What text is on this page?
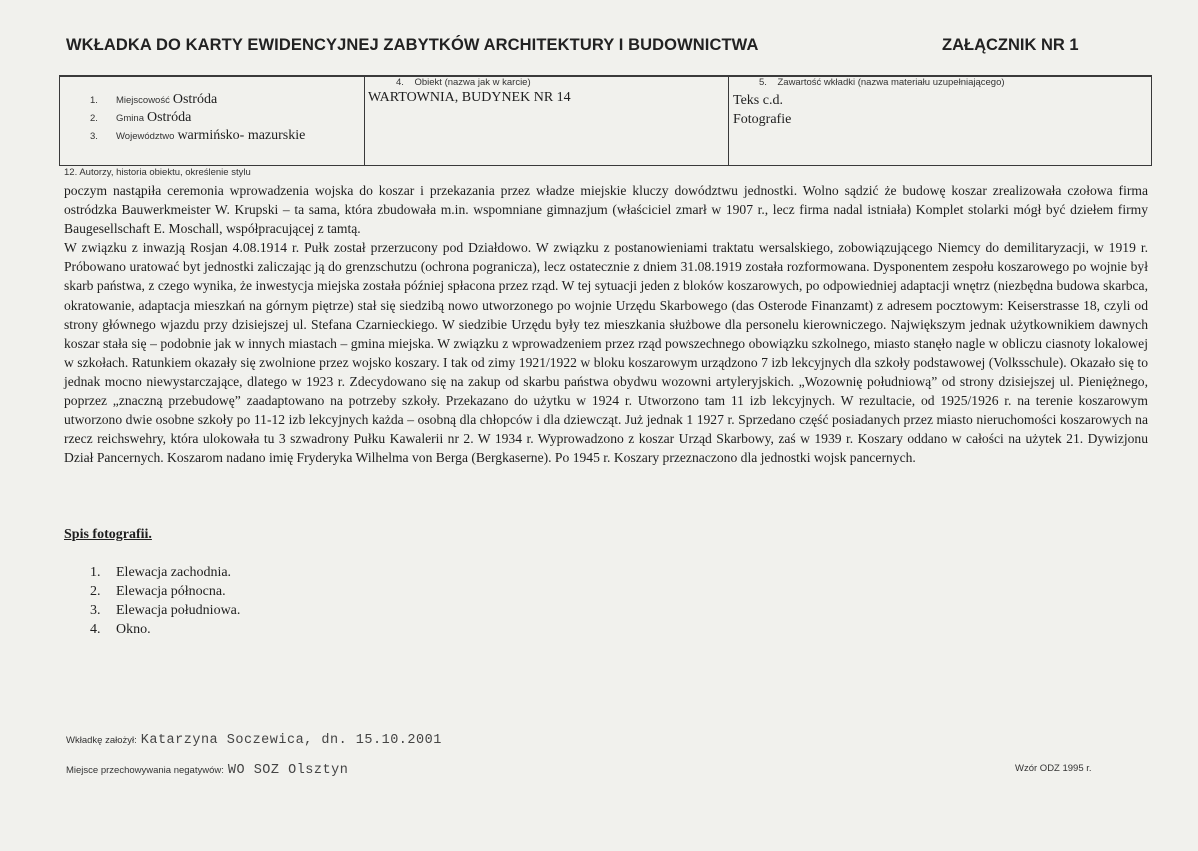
WKŁADKA DO KARTY EWIDENCYJNEJ ZABYTKÓW ARCHITEKTURY I BUDOWNICTWA	ZAŁĄCZNIK NR 1
1. Miejscowość Ostróda
2. Gmina Ostróda
3. Województwo warmińsko- mazurskie
4.    Obiekt (nazwa jak w karcie)
WARTOWNIA, BUDYNEK NR 14
5.    Zawartość wkładki (nazwa materiału uzupełniającego)
Teks c.d.
Fotografie
12. Autorzy, historia obiektu, określenie stylu

poczym nastąpiła ceremonia wprowadzenia wojska do koszar i przekazania przez władze miejskie kluczy dowództwu jednostki. Wolno sądzić że budowę koszar zrealizowała czołowa firma ostródzka Bauwerkmeister W. Krupski – ta sama, która zbudowała m.in. wspomniane gimnazjum (właściciel zmarł w 1907 r., lecz firma nadal istniała) Komplet stolarki mógł być dziełem firmy Baugesellschaft E. Moschall, współpracującej z tamtą.

W związku z inwazją Rosjan 4.08.1914 r. Pułk został przerzucony pod Działdowo. W związku z postanowieniami traktatu wersalskiego, zobowiązującego Niemcy do demilitaryzacji, w 1919 r. Próbowano uratować byt jednostki zaliczając ją do grenzschutzu (ochrona pogranicza), lecz ostatecznie z dniem 31.08.1919 została rozformowana. Dysponentem zespołu koszarowego po wojnie był skarb państwa, z czego wynika, że inwestycja miejska została później spłacona przez rząd. W tej sytuacji jeden z bloków koszarowych, po odpowiedniej adaptacji wnętrz (niezbędna budowa skarbca, okratowanie, adaptacja mieszkań na górnym piętrze) stał się siedzibą nowo utworzonego po wojnie Urzędu Skarbowego (das Osterode Finanzamt) z adresem pocztowym: Keiserstrasse 18, czyli od strony głównego wjazdu przy dzisiejszej ul. Stefana Czarnieckiego. W siedzibie Urzędu były tez mieszkania służbowe dla personelu kierowniczego. Największym jednak użytkownikiem dawnych koszar stała się – podobnie jak w innych miastach – gmina miejska. W związku z wprowadzeniem przez rząd powszechnego obowiązku szkolnego, miasto stanęło nagle w obliczu ciasnoty lokalowej w szkołach. Ratunkiem okazały się zwolnione przez wojsko koszary. I tak od zimy 1921/1922 w bloku koszarowym urządzono 7 izb lekcyjnych dla szkoły podstawowej (Volksschule). Okazało się to jednak mocno niewystarczające, dlatego w 1923 r. Zdecydowano się na zakup od skarbu państwa obydwu wozowni artyleryjskich. „Wozownię południową” od strony dzisiejszej ul. Pieniężnego, poprzez „znaczną przebudowę” zaadaptowano na potrzeby szkoły. Przekazano do użytku w 1924 r. Utworzono tam 11 izb lekcyjnych. W rezultacie, od 1925/1926 r. na terenie koszarowym utworzono dwie osobne szkoły po 11-12 izb lekcyjnych każda – osobną dla chłopców i dla dziewcząt. Już jednak 1 1927 r. Sprzedano część posiadanych przez miasto nieruchomości koszarowych na rzecz reichswehry, która ulokowała tu 3 szwadrony Pułku Kawalerii nr 2. W 1934 r. Wyprowadzono z koszar Urząd Skarbowy, zaś w 1939 r. Koszary oddano w całości na użytek 21. Dywizjonu Dział Pancernych. Koszarom nadano imię Fryderyka Wilhelma von Berga (Bergkaserne). Po 1945 r. Koszary przeznaczono dla jednostki wojsk pancernych.

Spis fotografii.
1. Elewacja zachodnia.
2. Elewacja północna.
3. Elewacja południowa.
4. Okno.
Wkładkę założył: Katarzyna Soczewica, dn. 15.10.2001
Miejsce przechowywania negatywów: WO SOZ Olsztyn	Wzór ODZ 1995 r.
